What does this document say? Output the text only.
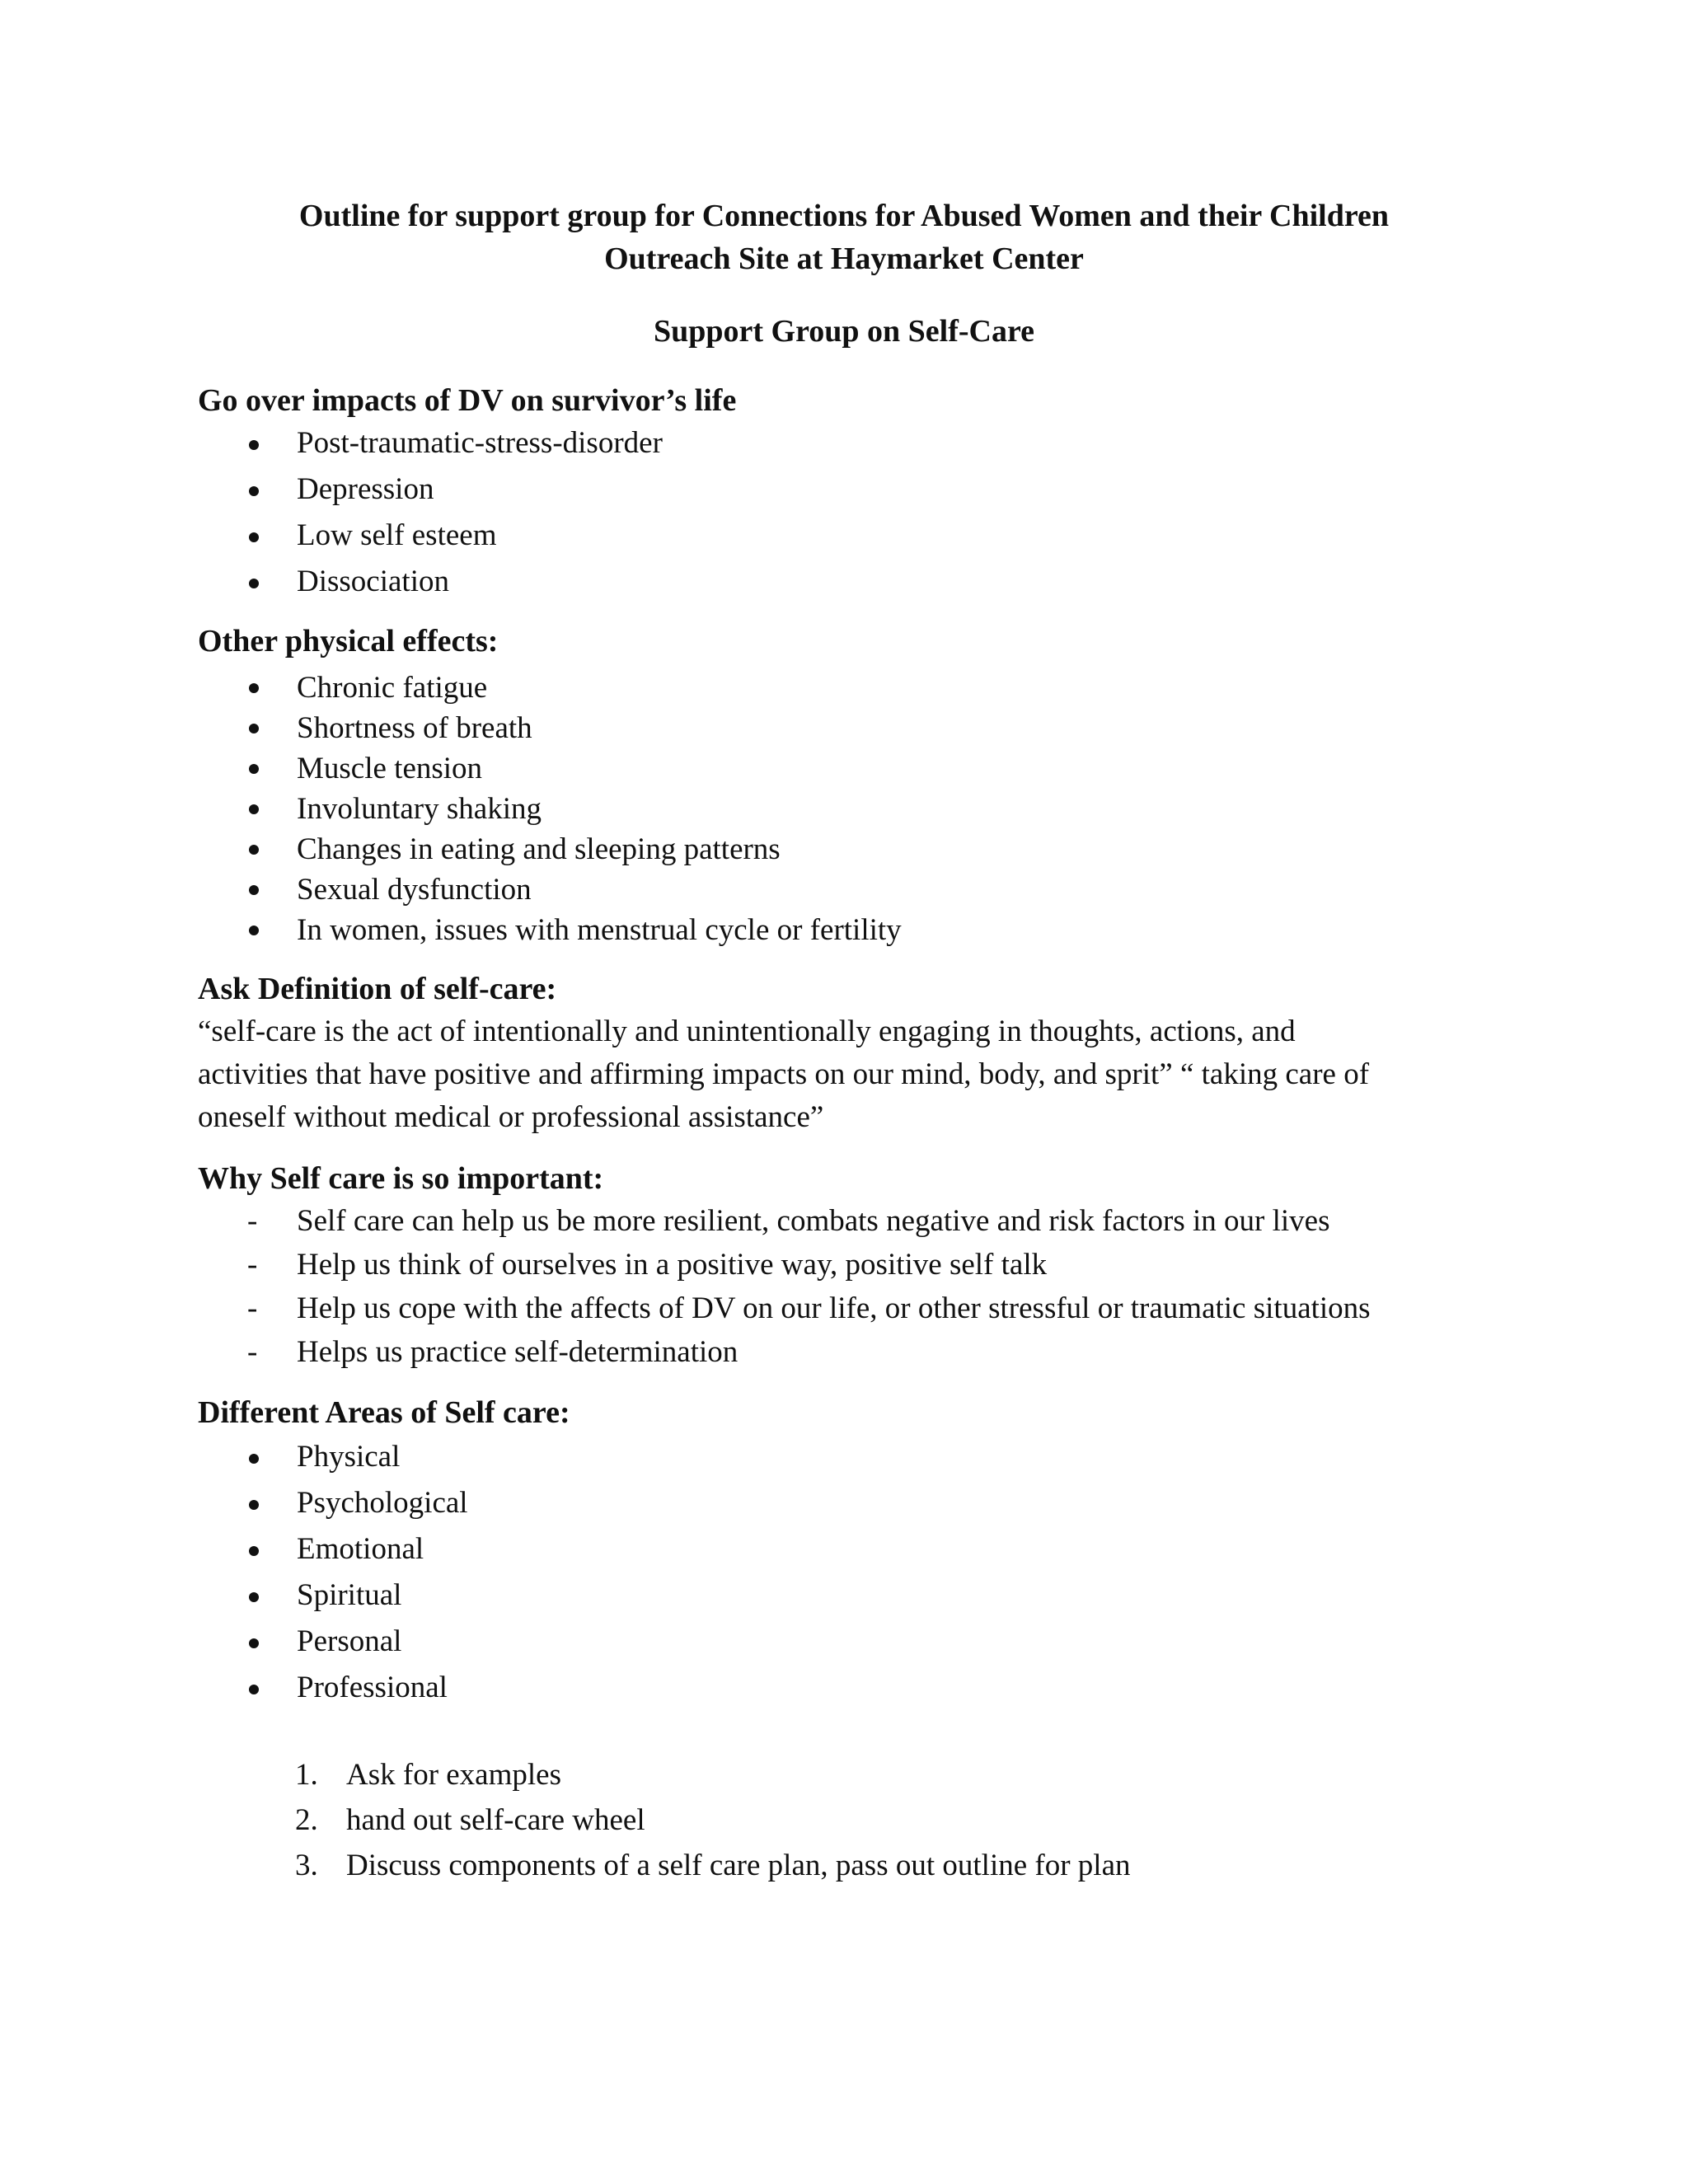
Outline for support group for Connections for Abused Women and their Children
Outreach Site at Haymarket Center
Support Group on Self-Care
Go over impacts of DV on survivor’s life
Post-traumatic-stress-disorder
Depression
Low self esteem
Dissociation
Other physical effects:
Chronic fatigue
Shortness of breath
Muscle tension
Involuntary shaking
Changes in eating and sleeping patterns
Sexual dysfunction
In women, issues with menstrual cycle or fertility
Ask Definition of self-care:
“self-care is the act of intentionally and unintentionally engaging in thoughts, actions, and
activities that have positive and affirming impacts on our mind, body, and sprit” “ taking care of
oneself without medical or professional assistance”
Why Self care is so important:
-	Self care can help us be more resilient, combats negative and risk factors in our lives
-	Help us think of ourselves in a positive way, positive self talk
-	Help us cope with the affects of DV on our life, or other stressful or traumatic situations
-	Helps us practice self-determination
Different Areas of Self care:
Physical
Psychological
Emotional
Spiritual
Personal
Professional
1. Ask for examples
2. hand out self-care wheel
3. Discuss components of a self care plan, pass out outline for plan
